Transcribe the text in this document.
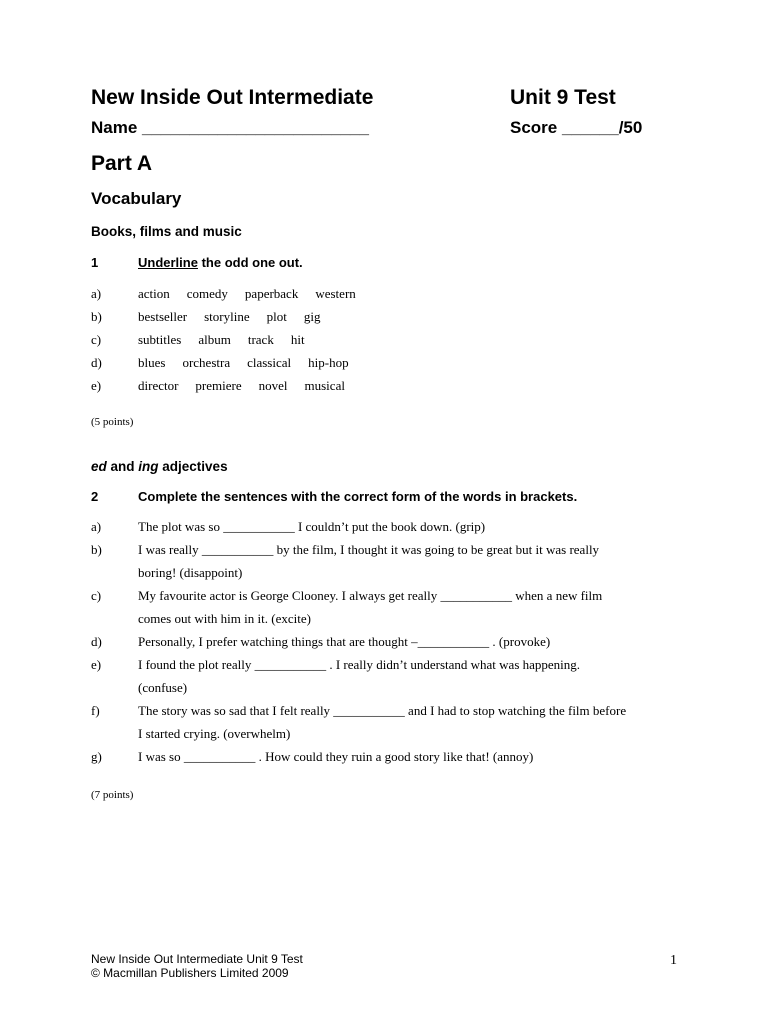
New Inside Out Intermediate	Unit 9 Test
Name ________________________	Score ______/50
Part A
Vocabulary
Books, films and music
1	Underline the odd one out.
a)	action comedy paperback western
b)	bestseller storyline plot gig
c)	subtitles album track hit
d)	blues orchestra classical hip-hop
e)	director premiere novel musical
(5 points)
ed and ing adjectives
2	Complete the sentences with the correct form of the words in brackets.
a)	The plot was so ___________ I couldn’t put the book down. (grip)
b)	I was really ___________ by the film, I thought it was going to be great but it was really
boring! (disappoint)
c)	My favourite actor is George Clooney. I always get really ___________ when a new film
comes out with him in it. (excite)
d)	Personally, I prefer watching things that are thought –___________ . (provoke)
e)	I found the plot really ___________ . I really didn’t understand what was happening.
(confuse)
f)	The story was so sad that I felt really ___________ and I had to stop watching the film before
I started crying. (overwhelm)
g)	I was so ___________ . How could they ruin a good story like that! (annoy)
(7 points)
New Inside Out Intermediate Unit 9 Test
© Macmillan Publishers Limited 2009
1
